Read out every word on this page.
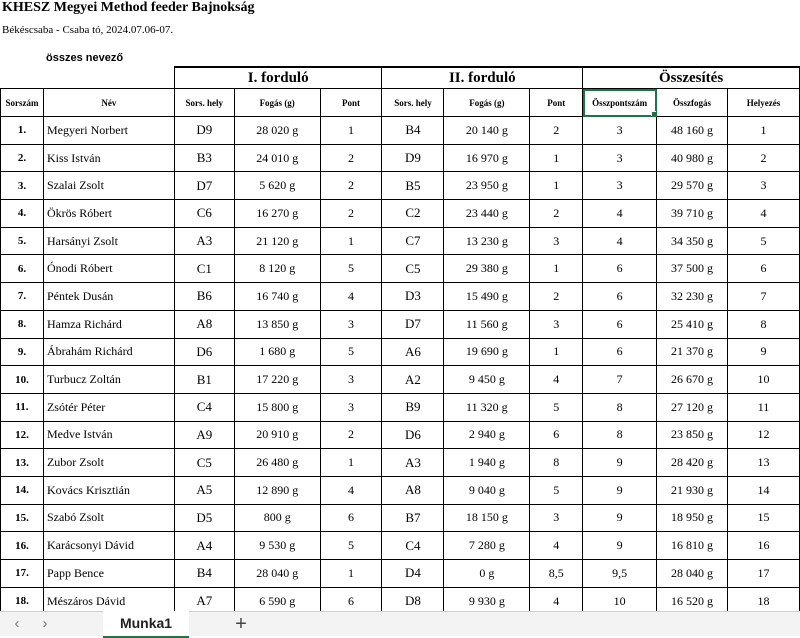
KHESZ Megyei Method feeder Bajnokság
Békéscsaba - Csaba tó, 2024.07.06-07.
összes nevező
		I. forduló			II. forduló			Összesítés		
Sorszám	Név	Sors. hely	Fogás (g)	Pont	Sors. hely	Fogás (g)	Pont	Összpontszám	Összfogás	Helyezés
1.	Megyeri Norbert	D9	28 020 g	1	B4	20 140 g	2	3	48 160 g	1
2.	Kiss István	B3	24 010 g	2	D9	16 970 g	1	3	40 980 g	2
3.	Szalai Zsolt	D7	5 620 g	2	B5	23 950 g	1	3	29 570 g	3
4.	Ökrös Róbert	C6	16 270 g	2	C2	23 440 g	2	4	39 710 g	4
5.	Harsányi Zsolt	A3	21 120 g	1	C7	13 230 g	3	4	34 350 g	5
6.	Ónodi Róbert	C1	8 120 g	5	C5	29 380 g	1	6	37 500 g	6
7.	Péntek Dusán	B6	16 740 g	4	D3	15 490 g	2	6	32 230 g	7
8.	Hamza Richárd	A8	13 850 g	3	D7	11 560 g	3	6	25 410 g	8
9.	Ábrahám Richárd	D6	1 680 g	5	A6	19 690 g	1	6	21 370 g	9
10.	Turbucz Zoltán	B1	17 220 g	3	A2	9 450 g	4	7	26 670 g	10
11.	Zsótér Péter	C4	15 800 g	3	B9	11 320 g	5	8	27 120 g	11
12.	Medve István	A9	20 910 g	2	D6	2 940 g	6	8	23 850 g	12
13.	Zubor Zsolt	C5	26 480 g	1	A3	1 940 g	8	9	28 420 g	13
14.	Kovács Krisztián	A5	12 890 g	4	A8	9 040 g	5	9	21 930 g	14
15.	Szabó Zsolt	D5	800 g	6	B7	18 150 g	3	9	18 950 g	15
16.	Karácsonyi Dávid	A4	9 530 g	5	C4	7 280 g	4	9	16 810 g	16
17.	Papp Bence	B4	28 040 g	1	D4	0 g	8,5	9,5	28 040 g	17
18.	Mészáros Dávid	A7	6 590 g	6	D8	9 930 g	4	10	16 520 g	18
‹	›	Munka1	+
